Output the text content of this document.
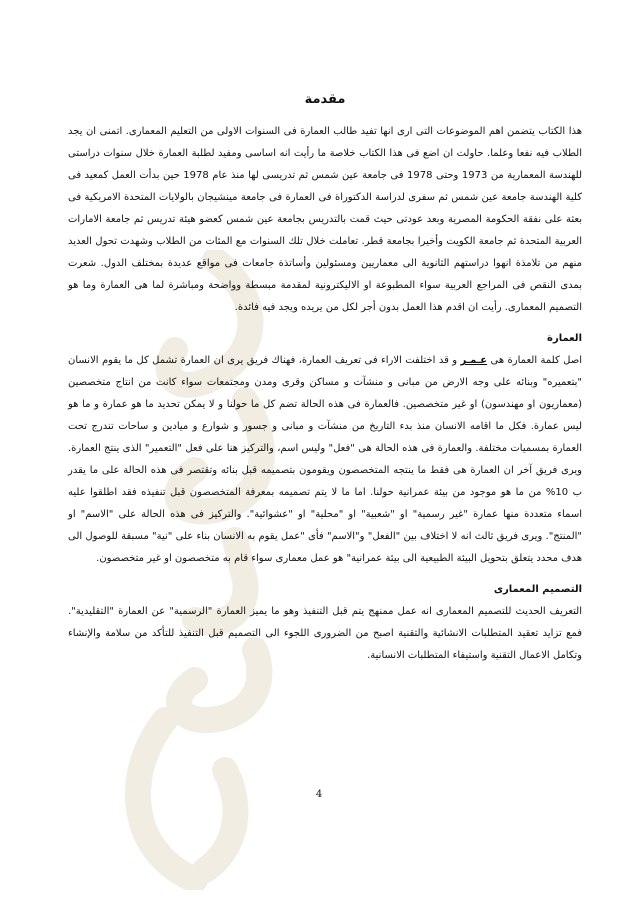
مقدمة

هذا الكتاب يتضمن اهم الموضوعات التى ارى انها تفيد طالب العمارة فى السنوات الاولى من التعليم المعمارى. اتمنى ان يجد الطلاب فيه نفعا وعلما. حاولت ان اضع فى هذا الكتاب خلاصة ما رأيت انه اساسى ومفيد لطلبة العمارة خلال سنوات دراستى للهندسة المعمارية من 1973 وحتى 1978 فى جامعة عين شمس ثم تدريسى لها منذ عام 1978 حين بدأت العمل كمعيد فى كلية الهندسة جامعة عين شمس ثم سفرى لدراسة الدكتوراة فى العمارة فى جامعة مينشيجان بالولايات المتحدة الامريكية فى بعثة على نفقة الحكومة المصرية وبعد عودتى حيث قمت بالتدريس بجامعة عين شمس كعضو هيئة تدريس ثم جامعة الامارات العربية المتحدة ثم جامعة الكويت وأخيرا بجامعة قطر. تعاملت خلال تلك السنوات مع المئات من الطلاب وشهدت تحول العديد منهم من تلامذة انهوا دراستهم الثانوية الى معماريين ومسئولين وأساتذة جامعات فى مواقع عديدة بمختلف الدول. شعرت بمدى النقص فى المراجع العربية سواء المطبوعة او الاليكترونية لمقدمة مبسطة وواضحة ومباشرة لما هى العمارة وما هو التصميم المعمارى. رأيت ان اقدم هذا العمل بدون أجر لكل من يريده ويجد فيه فائدة.

العمارة

اصل كلمة العمارة هى عـمـر و قد اختلفت الاراء فى تعريف العمارة، فهناك فريق يرى ان العمارة تشمل كل ما يقوم الانسان "بتعميره" وبنائه على وجه الارض من مبانى و منشآت و مساكن وقرى ومدن ومجتمعات سواء كانت من انتاج متخصصين (معماريون او مهندسون) او غير متخصصين. فالعمارة فى هذه الحالة تضم كل ما حولنا و لا يمكن تحديد ما هو عمارة و ما هو ليس عمارة. فكل ما اقامه الانسان منذ بدء التاريخ من منشآت و مبانى و جسور و شوارع و ميادين و ساحات تندرج تحت العمارة بمسميات مختلفة. والعمارة فى هذه الحالة هى "فعل" وليس اسم، والتركيز هنا على فعل "التعمير" الذى ينتج العمارة. ويرى فريق آخر ان العمارة هى فقط ما ينتجه المتخصصون ويقومون بتصميمه قبل بنائه وتقتصر فى هذه الحالة على ما يقدر ب 10% من ما هو موجود من بيئة عمرانية حولنا. اما ما لا يتم تصميمه بمعرفة المتخصصون قبل تنفيذه فقد اطلقوا عليه اسماء متعددة منها عمارة "غير رسمية" او "شعبية" او "محلية" او "عشوائية". والتركيز فى هذه الحالة على "الاسم" او "المنتج". ويرى فريق ثالث انه لا اختلاف بين "الفعل" و"الاسم" فأى "عمل يقوم به الانسان بناء على "نية" مسبقة للوصول الى هدف محدد يتعلق بتحويل البيئة الطبيعية الى بيئة عمرانية" هو عمل معمارى سواء قام به متخصصون او غير متخصصون.

التصميم المعمارى

التعريف الحديث للتصميم المعمارى انه عمل ممنهج يتم قبل التنفيذ وهو ما يميز العمارة "الرسمية" عن العمارة "التقليدية". فمع تزايد تعقيد المتطلبات الانشائية والتقنية اصبح من الضرورى اللجوء الى التصميم قبل التنفيذ للتأكد من سلامة والإنشاء وتكامل الاعمال التقنية واستيفاء المتطلبات الانسانية.

4
